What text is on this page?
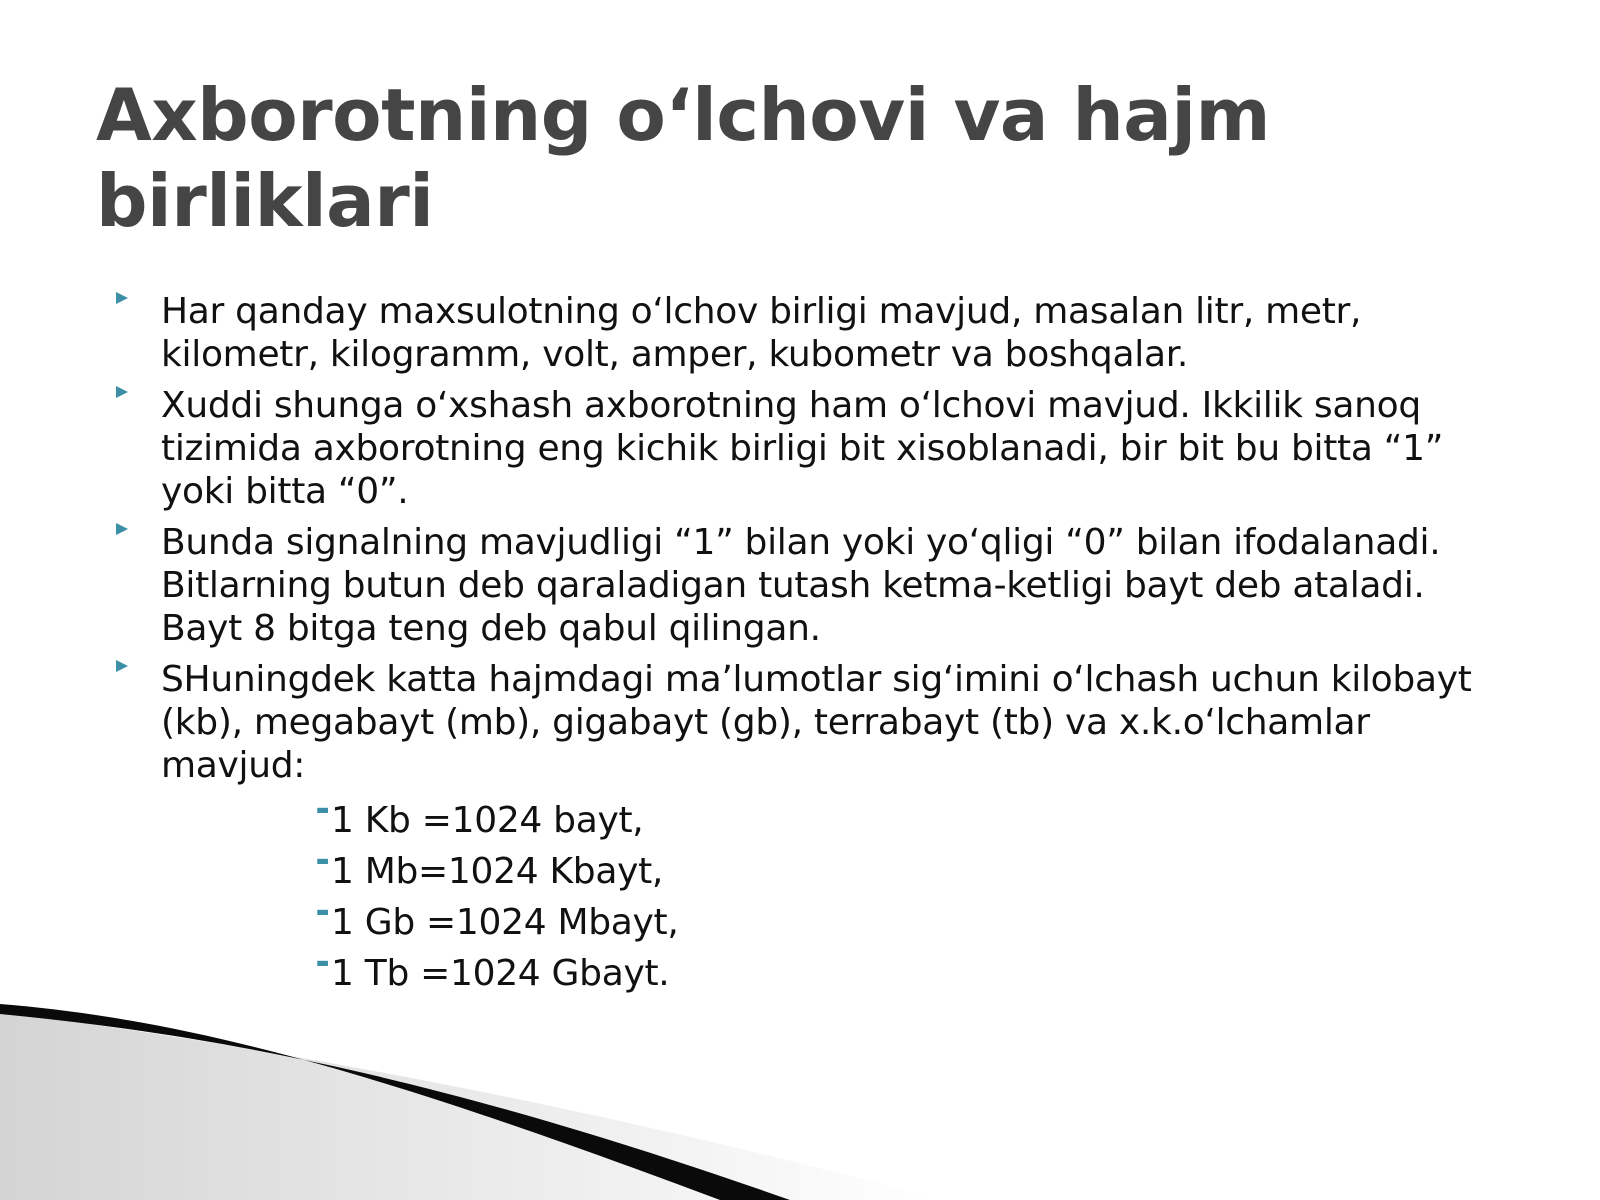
Axborotning o‘lchovi va hajm birliklari
Har qanday maxsulotning o‘lchov birligi mavjud, masalan litr, metr, kilometr, kilogramm, volt, amper, kubometr va boshqalar.
Xuddi shunga o‘xshash axborotning ham o‘lchovi mavjud. Ikkilik sanoq tizimida axborotning eng kichik birligi bit xisoblanadi, bir bit bu bitta “1” yoki bitta “0”.
Bunda signalning mavjudligi “1” bilan yoki yo‘qligi “0” bilan ifodalanadi. Bitlarning butun deb qaraladigan tutash ketma-ketligi bayt deb ataladi. Bayt 8 bitga teng deb qabul qilingan.
SHuningdek katta hajmdagi ma’lumotlar sig‘imini o‘lchash uchun kilobayt (kb), megabayt (mb), gigabayt (gb), terrabayt (tb) va x.k.o‘lchamlar mavjud:
▬ 1 Kb =1024 bayt,
▬ 1 Mb=1024 Kbayt,
▬ 1 Gb =1024 Mbayt,
▬ 1 Tb =1024 Gbayt.
